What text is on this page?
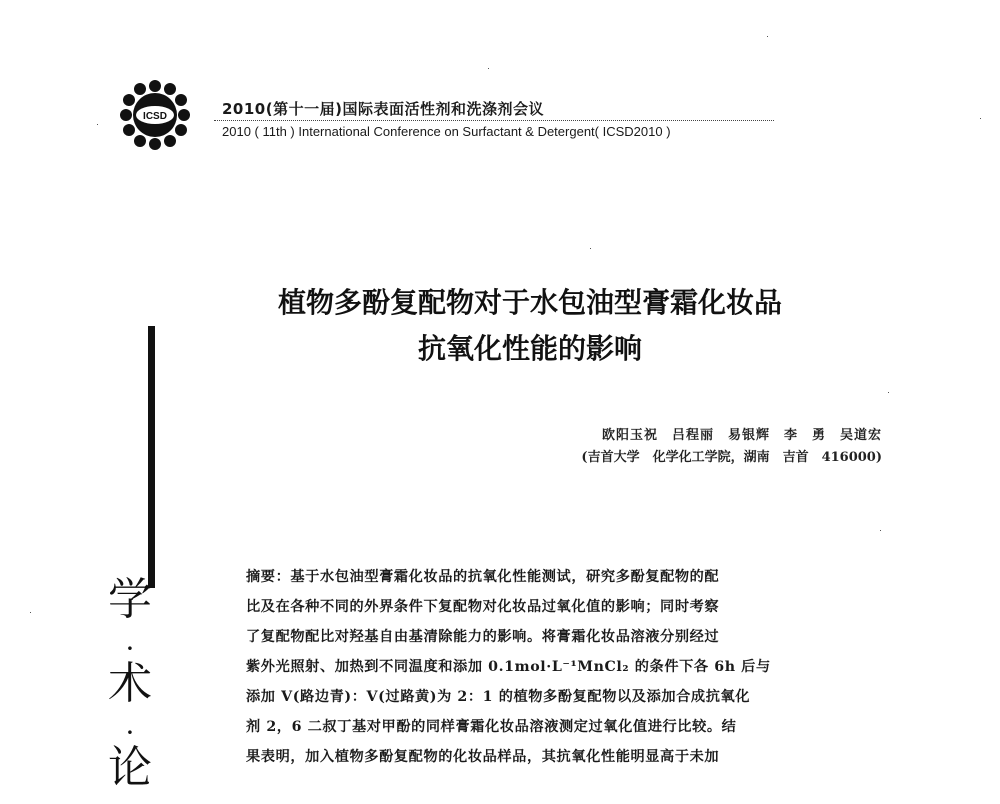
ICSD	2010(第十一届)国际表面活性剂和洗涤剂会议
2010 ( 11th ) International Conference on Surfactant & Detergent( ICSD2010 )
植物多酚复配物对于水包油型膏霜化妆品
抗氧化性能的影响
欧阳玉祝　吕程丽　易银辉　李　勇　吴道宏
(吉首大学　化学化工学院，湖南　吉首　416000)
摘要：基于水包油型膏霜化妆品的抗氧化性能测试，研究多酚复配物的配
比及在各种不同的外界条件下复配物对化妆品过氧化值的影响；同时考察
了复配物配比对羟基自由基清除能力的影响。将膏霜化妆品溶液分别经过
紫外光照射、加热到不同温度和添加 0.1mol·L⁻¹MnCl₂ 的条件下各 6h 后与
添加 V(路边青)：V(过路黄)为 2：1 的植物多酚复配物以及添加合成抗氧化
剂 2，6 二叔丁基对甲酚的同样膏霜化妆品溶液测定过氧化值进行比较。结
果表明，加入植物多酚复配物的化妆品样品，其抗氧化性能明显高于未加
学
·
术
·
论
